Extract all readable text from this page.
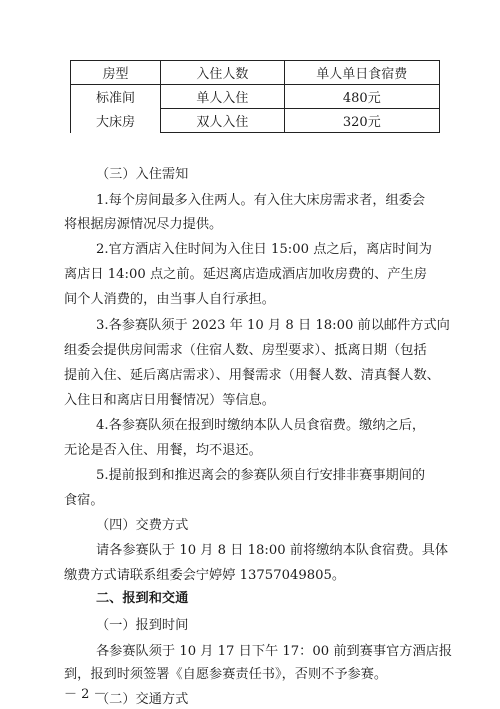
房型	入住人数	单人单日食宿费
标准间	单人入住	480元
大床房	双人入住	320元
－ 2 －
（三）入住需知
1.每个房间最多入住两人。有入住大床房需求者，组委会
将根据房源情况尽力提供。
2.官方酒店入住时间为入住日 15:00 点之后，离店时间为
离店日 14:00 点之前。延迟离店造成酒店加收房费的、产生房
间个人消费的，由当事人自行承担。
3.各参赛队须于 2023 年 10 月 8 日 18:00 前以邮件方式向
组委会提供房间需求（住宿人数、房型要求）、抵离日期（包括
提前入住、延后离店需求）、用餐需求（用餐人数、清真餐人数、
入住日和离店日用餐情况）等信息。
4.各参赛队须在报到时缴纳本队人员食宿费。缴纳之后，
无论是否入住、用餐，均不退还。
5.提前报到和推迟离会的参赛队须自行安排非赛事期间的
食宿。
（四）交费方式
请各参赛队于 10 月 8 日 18:00 前将缴纳本队食宿费。具体
缴费方式请联系组委会宁婷婷 13757049805。
二、报到和交通
（一）报到时间
各参赛队须于 10 月 17 日下午 17：00 前到赛事官方酒店报
到，报到时须签署《自愿参赛责任书》，否则不予参赛。
（二）交通方式
